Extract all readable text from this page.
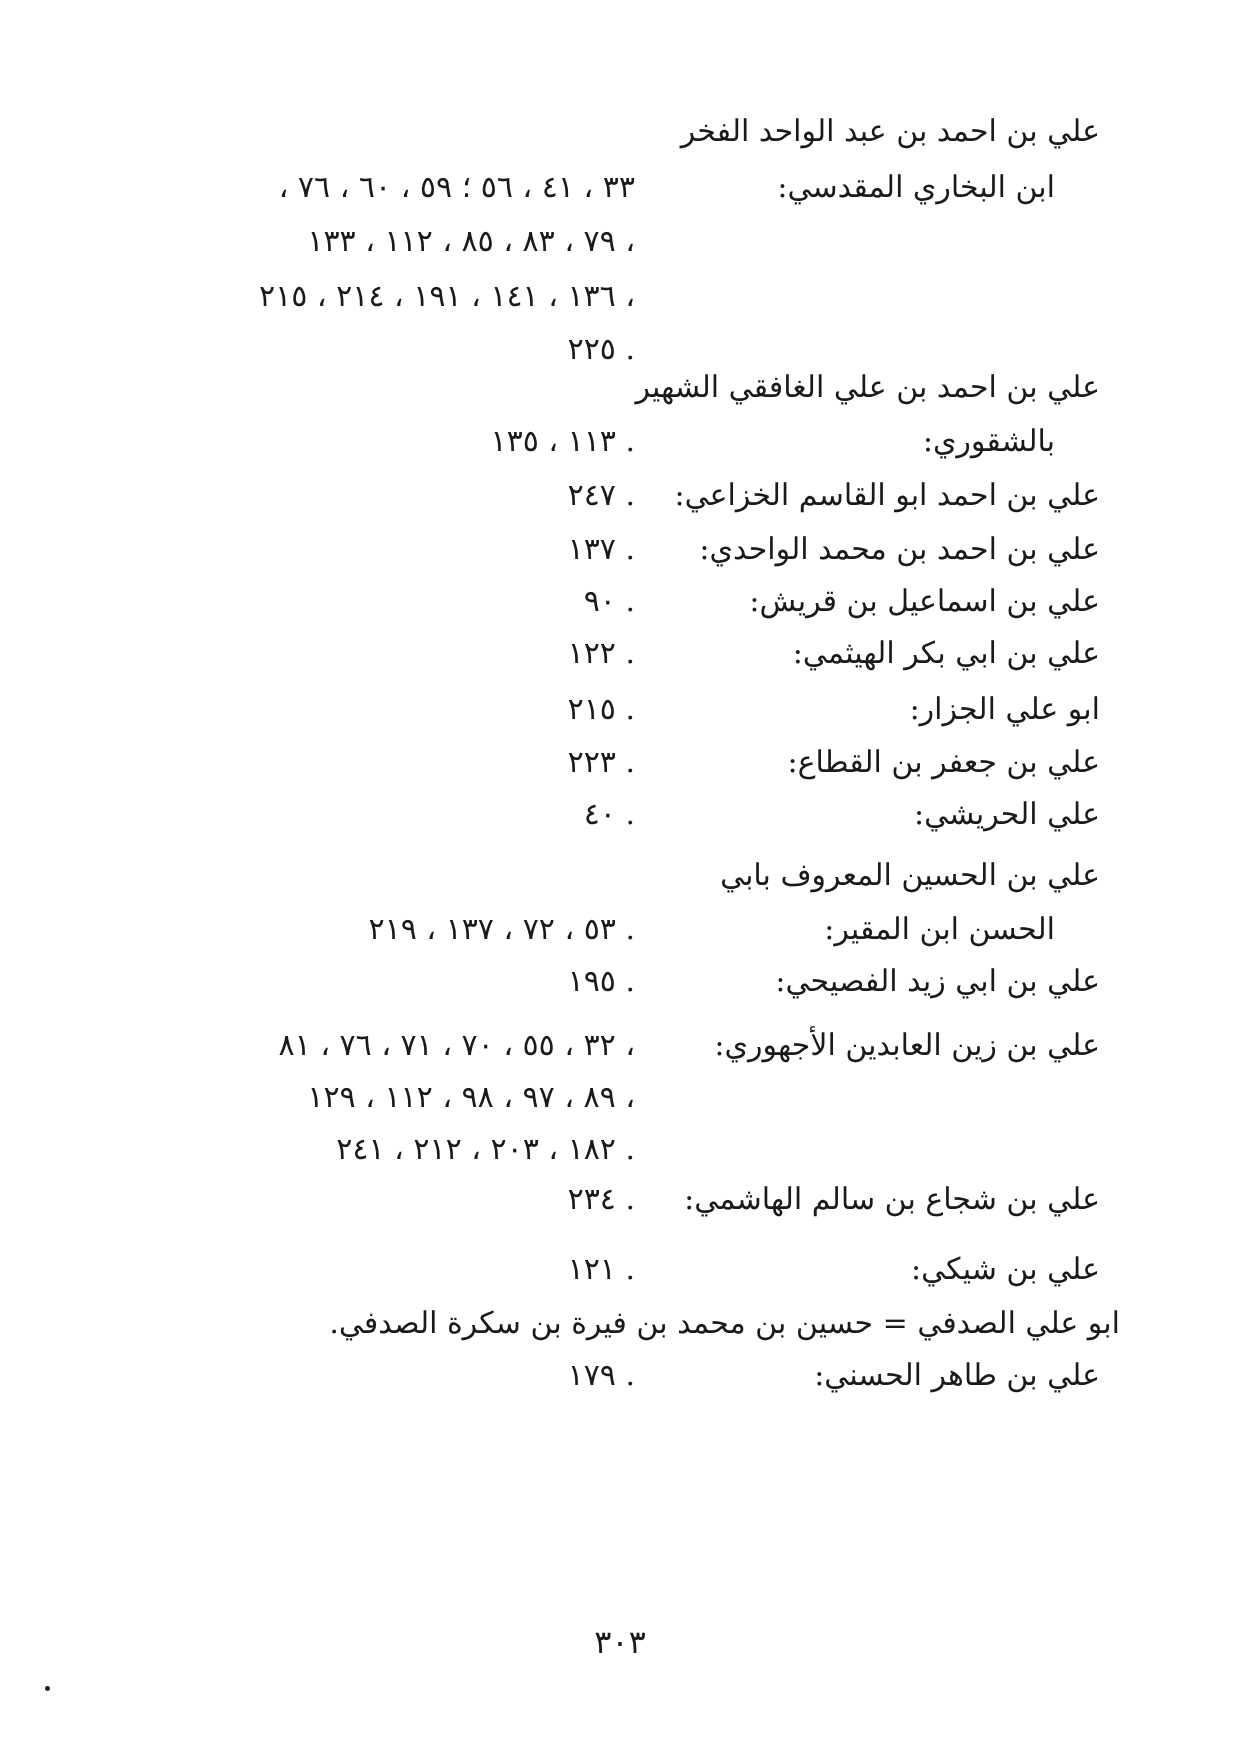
علي بن احمد بن عبد الواحد الفخر
ابن البخاري المقدسي:
٣٣ ، ٤١ ، ٥٦ ؛ ٥٩ ، ٦٠ ، ٧٦ ،
٧٩ ، ٨٣ ، ٨٥ ، ١١٢ ، ١٣٣ ،
١٣٦ ، ١٤١ ، ١٩١ ، ٢١٤ ، ٢١٥ ،
٢٢٥ .
علي بن احمد بن علي الغافقي الشهير
بالشقوري:
١١٣ ، ١٣٥ .
علي بن احمد ابو القاسم الخزاعي:
٢٤٧ .
علي بن احمد بن محمد الواحدي:
١٣٧ .
علي بن اسماعيل بن قريش:
٩٠ .
علي بن ابي بكر الهيثمي:
١٢٢ .
ابو علي الجزار:
٢١٥ .
علي بن جعفر بن القطاع:
٢٢٣ .
علي الحريشي:
٤٠ .
علي بن الحسين المعروف بابي
الحسن ابن المقير:
٥٣ ، ٧٢ ، ١٣٧ ، ٢١٩ .
علي بن ابي زيد الفصيحي:
١٩٥ .
علي بن زين العابدين الأجهوري:
٣٢ ، ٥٥ ، ٧٠ ، ٧١ ، ٧٦ ، ٨١ ،
٨٩ ، ٩٧ ، ٩٨ ، ١١٢ ، ١٢٩ ،
١٨٢ ، ٢٠٣ ، ٢١٢ ، ٢٤١ .
علي بن شجاع بن سالم الهاشمي:
٢٣٤ .
علي بن شيكي:
١٢١ .
ابو علي الصدفي = حسين بن محمد بن فيرة بن سكرة الصدفي.
علي بن طاهر الحسني:
١٧٩ .
٣٠٣
